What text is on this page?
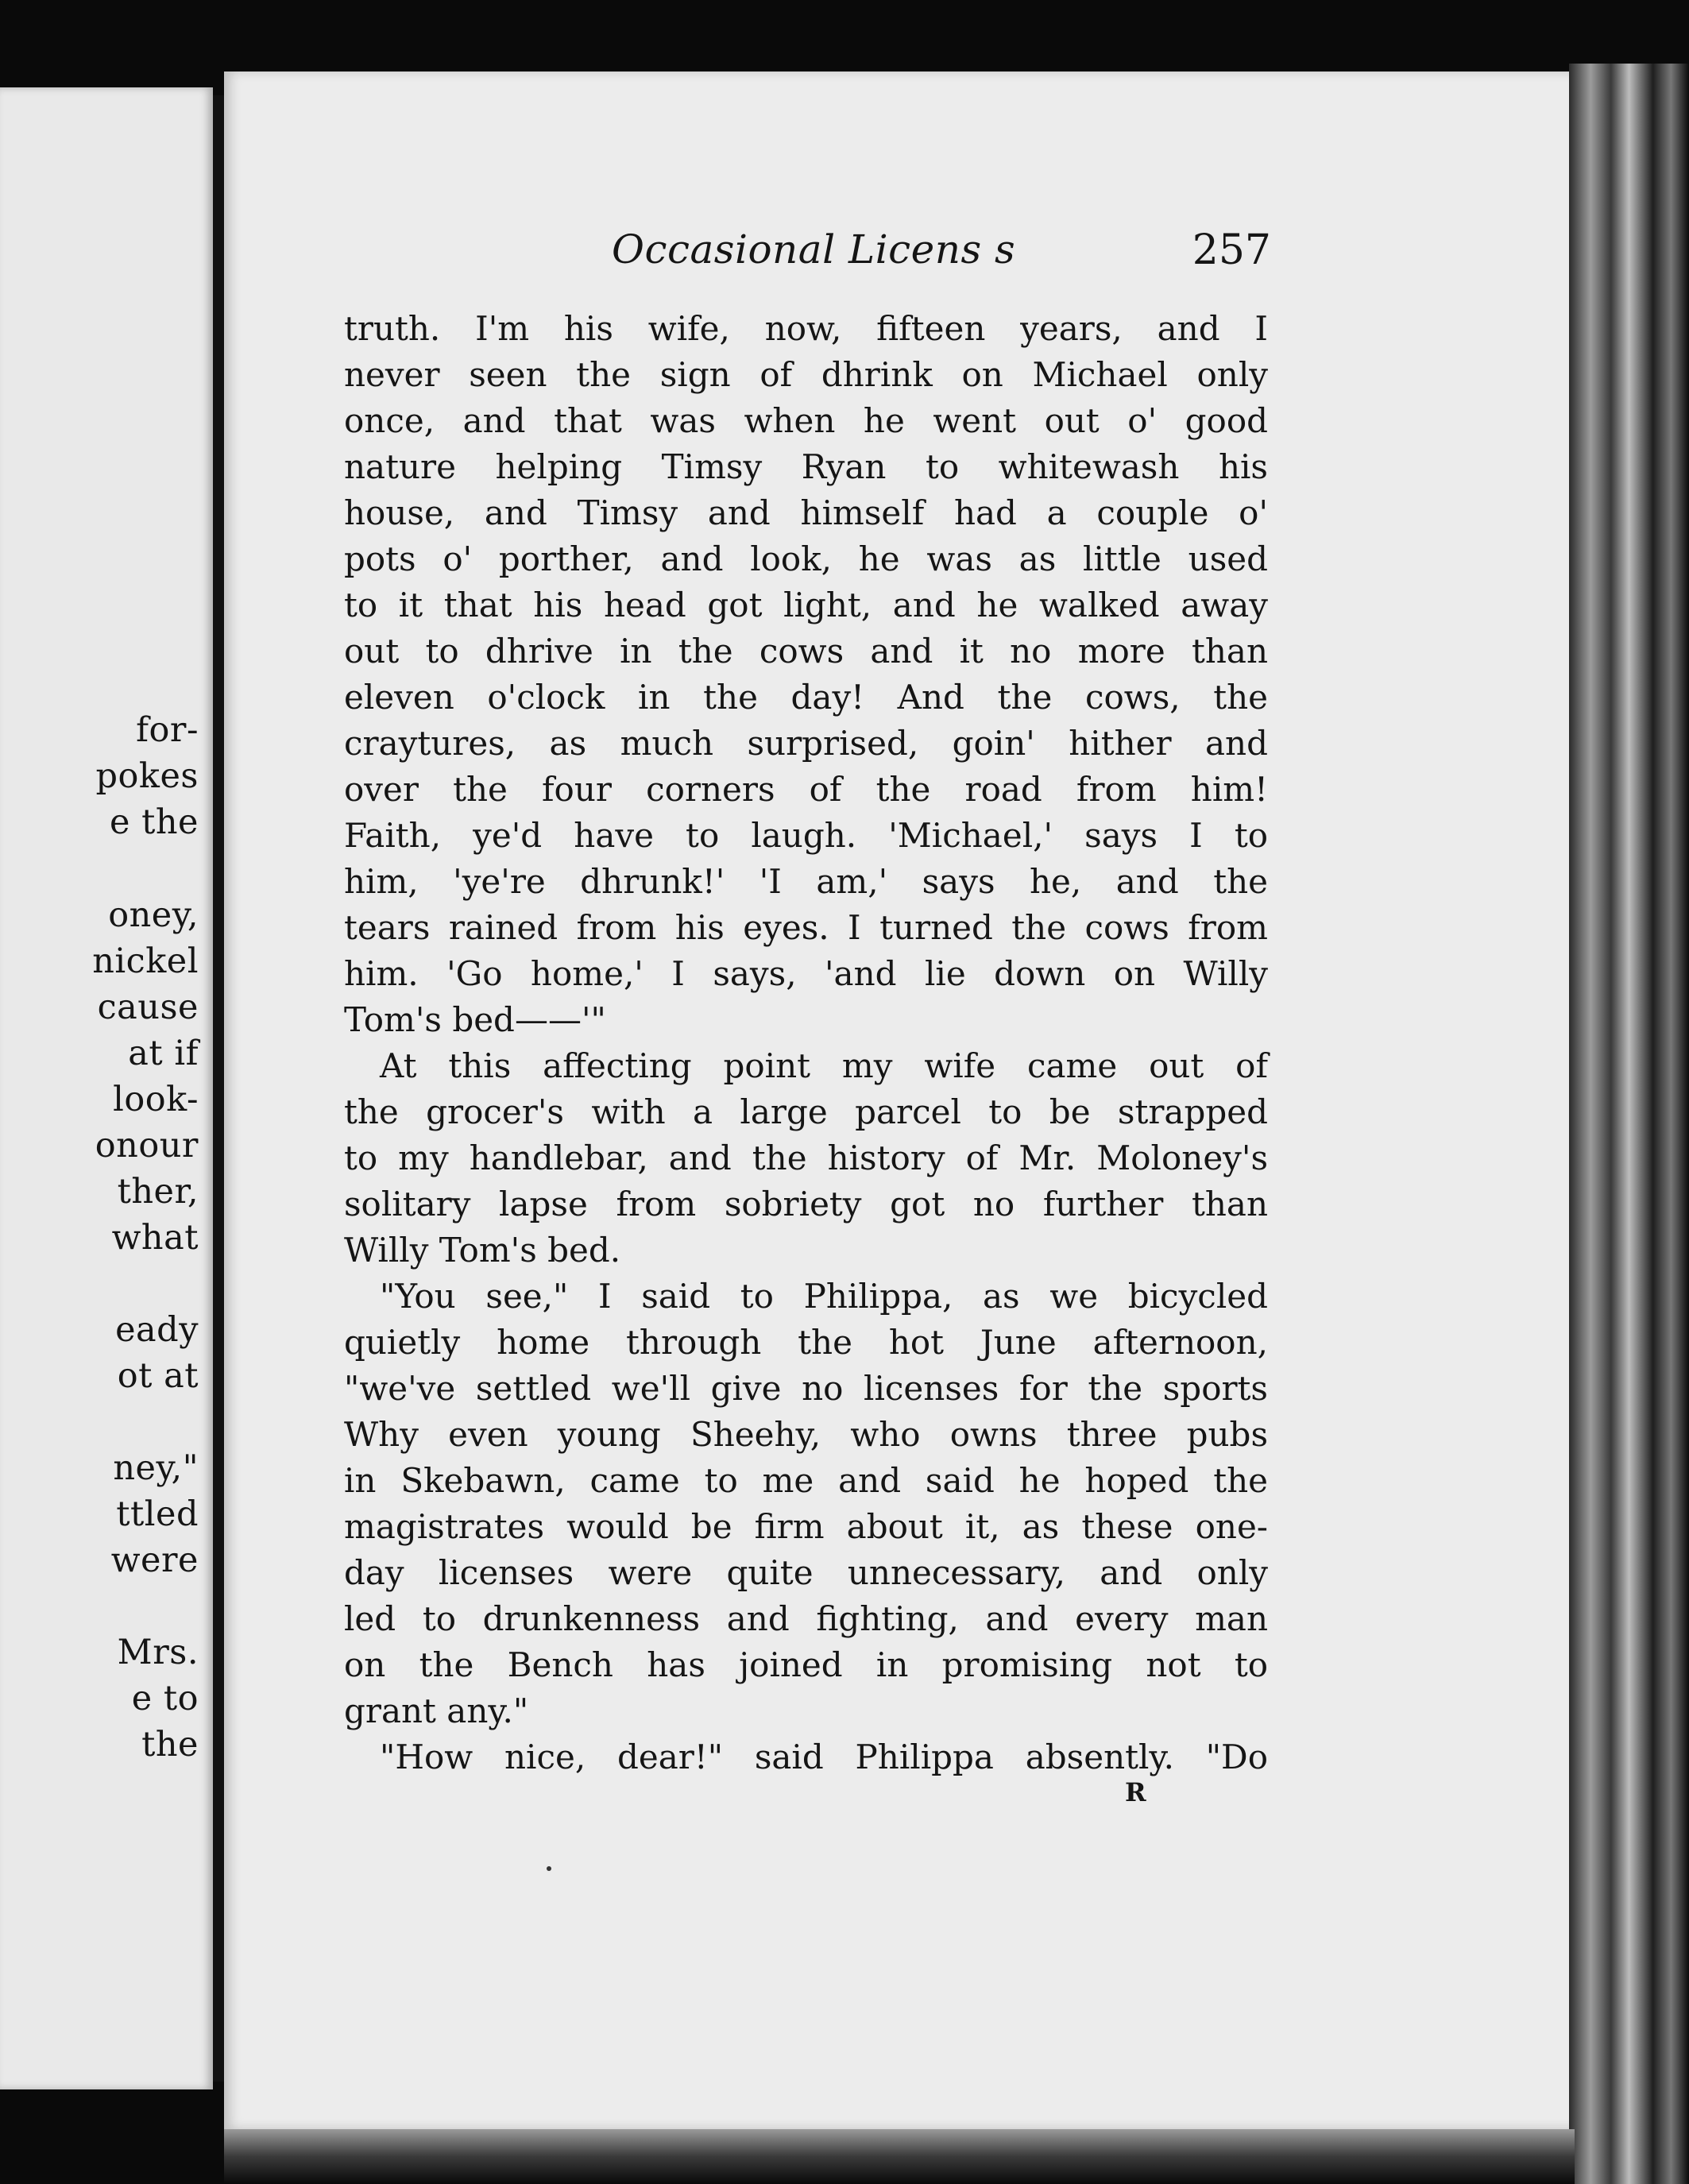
for-
pokes
e the
oney,
nickel
cause
at if
look-
onour
ther,
what
eady
ot at
ney,"
ttled
were
Mrs.
e to
the
Occasional Licens s	257
truth. I'm his wife, now, fifteen years, and I
never seen the sign of dhrink on Michael only
once, and that was when he went out o' good
nature helping Timsy Ryan to whitewash his
house, and Timsy and himself had a couple o'
pots o' porther, and look, he was as little used
to it that his head got light, and he walked away
out to dhrive in the cows and it no more than
eleven o'clock in the day! And the cows, the
craytures, as much surprised, goin' hither and
over the four corners of the road from him!
Faith, ye'd have to laugh. 'Michael,' says I to
him, 'ye're dhrunk!' 'I am,' says he, and the
tears rained from his eyes. I turned the cows from
him. 'Go home,' I says, 'and lie down on Willy
Tom's bed——'"
At this affecting point my wife came out of
the grocer's with a large parcel to be strapped
to my handlebar, and the history of Mr. Moloney's
solitary lapse from sobriety got no further than
Willy Tom's bed.
"You see," I said to Philippa, as we bicycled
quietly home through the hot June afternoon,
"we've settled we'll give no licenses for the sports
Why even young Sheehy, who owns three pubs
in Skebawn, came to me and said he hoped the
magistrates would be firm about it, as these one-
day licenses were quite unnecessary, and only
led to drunkenness and fighting, and every man
on the Bench has joined in promising not to
grant any."
"How nice, dear!" said Philippa absently. "Do
R
